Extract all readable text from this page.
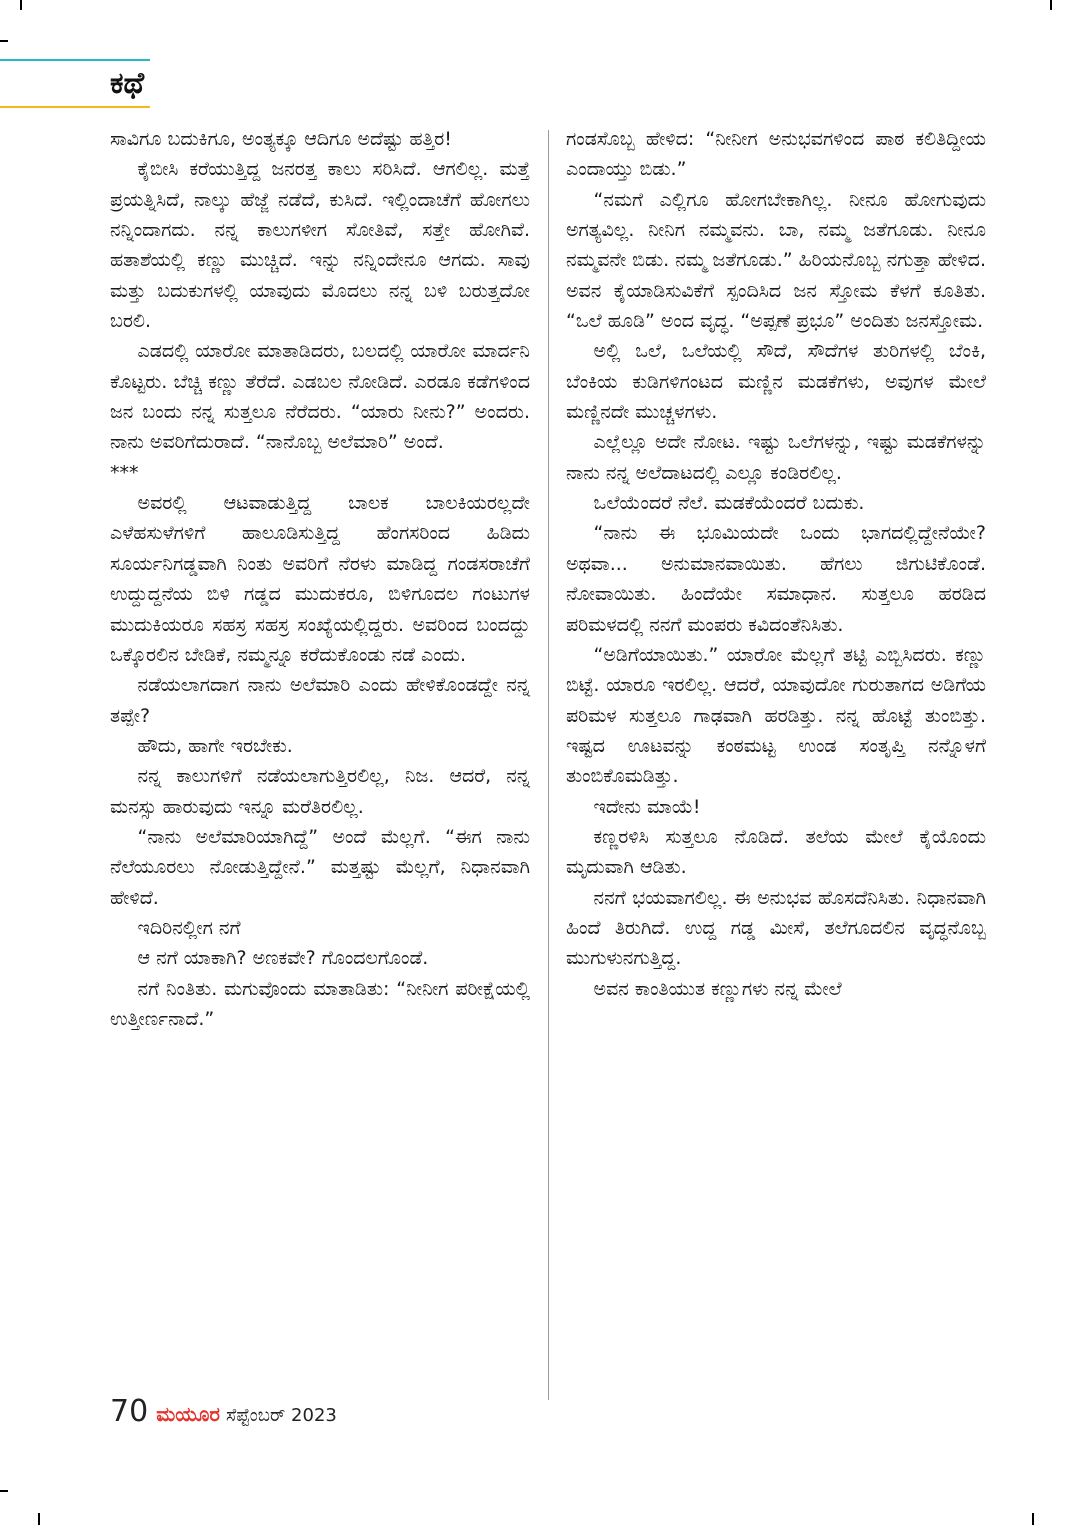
ಕಥೆ

ಸಾವಿಗೂ ಬದುಕಿಗೂ, ಅಂತ್ಯಕ್ಕೂ ಆದಿಗೂ ಅದೆಷ್ಟು ಹತ್ತಿರ!

ಕೈಬೀಸಿ ಕರೆಯುತ್ತಿದ್ದ ಜನರತ್ತ ಕಾಲು ಸರಿಸಿದೆ. ಆಗಲಿಲ್ಲ. ಮತ್ತೆ ಪ್ರಯತ್ನಿಸಿದೆ, ನಾಲ್ಕು ಹೆಜ್ಜೆ ನಡೆದೆ, ಕುಸಿದೆ. ಇಲ್ಲಿಂದಾಚೆಗೆ ಹೋಗಲು ನನ್ನಿಂದಾಗದು. ನನ್ನ ಕಾಲುಗಳೀಗ ಸೋತಿವೆ, ಸತ್ತೇ ಹೋಗಿವೆ. ಹತಾಶೆಯಲ್ಲಿ ಕಣ್ಣು ಮುಚ್ಚಿದೆ. ಇನ್ನು ನನ್ನಿಂದೇನೂ ಆಗದು. ಸಾವು ಮತ್ತು ಬದುಕುಗಳಲ್ಲಿ ಯಾವುದು ಮೊದಲು ನನ್ನ ಬಳಿ ಬರುತ್ತದೋ ಬರಲಿ.

ಎಡದಲ್ಲಿ ಯಾರೋ ಮಾತಾಡಿದರು, ಬಲದಲ್ಲಿ ಯಾರೋ ಮಾರ್ದನಿ ಕೊಟ್ಟರು. ಬೆಚ್ಚಿ ಕಣ್ಣು ತೆರೆದೆ. ಎಡಬಲ ನೋಡಿದೆ. ಎರಡೂ ಕಡೆಗಳಿಂದ ಜನ ಬಂದು ನನ್ನ ಸುತ್ತಲೂ ನೆರೆದರು. “ಯಾರು ನೀನು?” ಅಂದರು. ನಾನು ಅವರಿಗೆದುರಾದೆ. “ನಾನೊಬ್ಬ ಅಲೆಮಾರಿ” ಅಂದೆ.

***

ಅವರಲ್ಲಿ ಆಟವಾಡುತ್ತಿದ್ದ ಬಾಲಕ ಬಾಲಕಿಯರಲ್ಲದೇ ಎಳೆಹಸುಳೆಗಳಿಗೆ ಹಾಲೂಡಿಸುತ್ತಿದ್ದ ಹೆಂಗಸರಿಂದ ಹಿಡಿದು ಸೂರ್ಯನಿಗಡ್ಡವಾಗಿ ನಿಂತು ಅವರಿಗೆ ನೆರಳು ಮಾಡಿದ್ದ ಗಂಡಸರಾಚೆಗೆ ಉದ್ದುದ್ದನೆಯ ಬಿಳಿ ಗಡ್ಡದ ಮುದುಕರೂ, ಬಿಳಿಗೂದಲ ಗಂಟುಗಳ ಮುದುಕಿಯರೂ ಸಹಸ್ರ ಸಹಸ್ರ ಸಂಖ್ಯೆಯಲ್ಲಿದ್ದರು. ಅವರಿಂದ ಬಂದದ್ದು ಒಕ್ಕೊರಲಿನ ಬೇಡಿಕೆ, ನಮ್ಮನ್ನೂ ಕರೆದುಕೊಂಡು ನಡೆ ಎಂದು.

ನಡೆಯಲಾಗದಾಗ ನಾನು ಅಲೆಮಾರಿ ಎಂದು ಹೇಳಿಕೊಂಡದ್ದೇ ನನ್ನ ತಪ್ಪೇ?

ಹೌದು, ಹಾಗೇ ಇರಬೇಕು.

ನನ್ನ ಕಾಲುಗಳಿಗೆ ನಡೆಯಲಾಗುತ್ತಿರಲಿಲ್ಲ, ನಿಜ. ಆದರೆ, ನನ್ನ ಮನಸ್ಸು ಹಾರುವುದು ಇನ್ನೂ ಮರೆತಿರಲಿಲ್ಲ.

“ನಾನು ಅಲೆಮಾರಿಯಾಗಿದ್ದೆ” ಅಂದೆ ಮೆಲ್ಲಗೆ. “ಈಗ ನಾನು ನೆಲೆಯೂರಲು ನೋಡುತ್ತಿದ್ದೇನೆ.” ಮತ್ತಷ್ಟು ಮೆಲ್ಲಗೆ, ನಿಧಾನವಾಗಿ ಹೇಳಿದೆ.

ಇದಿರಿನಲ್ಲೀಗ ನಗೆ

ಆ ನಗೆ ಯಾಕಾಗಿ? ಅಣಕವೇ? ಗೊಂದಲಗೊಂಡೆ.

ನಗೆ ನಿಂತಿತು. ಮಗುವೊಂದು ಮಾತಾಡಿತು: “ನೀನೀಗ ಪರೀಕ್ಷೆಯಲ್ಲಿ ಉತ್ತೀರ್ಣನಾದೆ.”

ಗಂಡಸೊಬ್ಬ ಹೇಳಿದ: “ನೀನೀಗ ಅನುಭವಗಳಿಂದ ಪಾಠ ಕಲಿತಿದ್ದೀಯ ಎಂದಾಯ್ತು ಬಿಡು.”

“ನಮಗೆ ಎಲ್ಲಿಗೂ ಹೋಗಬೇಕಾಗಿಲ್ಲ. ನೀನೂ ಹೋಗುವುದು ಅಗತ್ಯವಿಲ್ಲ. ನೀನಿಗ ನಮ್ಮವನು. ಬಾ, ನಮ್ಮ ಜತೆಗೂಡು. ನೀನೂ ನಮ್ಮವನೇ ಬಿಡು. ನಮ್ಮ ಜತೆಗೂಡು.” ಹಿರಿಯನೊಬ್ಬ ನಗುತ್ತಾ ಹೇಳಿದ. ಅವನ ಕೈಯಾಡಿಸುವಿಕೆಗೆ ಸ್ಪಂದಿಸಿದ ಜನ ಸ್ತೋಮ ಕೆಳಗೆ ಕೂತಿತು. “ಒಲೆ ಹೂಡಿ” ಅಂದ ವೃದ್ಧ. “ಅಪ್ಪಣೆ ಪ್ರಭೂ” ಅಂದಿತು ಜನಸ್ತೋಮ.

ಅಲ್ಲಿ ಒಲೆ, ಒಲೆಯಲ್ಲಿ ಸೌದೆ, ಸೌದೆಗಳ ತುರಿಗಳಲ್ಲಿ ಬೆಂಕಿ, ಬೆಂಕಿಯ ಕುಡಿಗಳಿಗಂಟದ ಮಣ್ಣಿನ ಮಡಕೆಗಳು, ಅವುಗಳ ಮೇಲೆ ಮಣ್ಣಿನದೇ ಮುಚ್ಚಳಗಳು.

ಎಲ್ಲೆಲ್ಲೂ ಅದೇ ನೋಟ. ಇಷ್ಟು ಒಲೆಗಳನ್ನು, ಇಷ್ಟು ಮಡಕೆಗಳನ್ನು ನಾನು ನನ್ನ ಅಲೆದಾಟದಲ್ಲಿ ಎಲ್ಲೂ ಕಂಡಿರಲಿಲ್ಲ.

ಒಲೆಯೆಂದರೆ ನೆಲೆ. ಮಡಕೆಯೆಂದರೆ ಬದುಕು.

“ನಾನು ಈ ಭೂಮಿಯದೇ ಒಂದು ಭಾಗದಲ್ಲಿದ್ದೇನೆಯೇ? ಅಥವಾ... ಅನುಮಾನವಾಯಿತು. ಹೆಗಲು ಜಿಗುಟಿಕೊಂಡೆ. ನೋವಾಯಿತು. ಹಿಂದೆಯೇ ಸಮಾಧಾನ. ಸುತ್ತಲೂ ಹರಡಿದ ಪರಿಮಳದಲ್ಲಿ ನನಗೆ ಮಂಪರು ಕವಿದಂತೆನಿಸಿತು.

“ಅಡಿಗೆಯಾಯಿತು.” ಯಾರೋ ಮೆಲ್ಲಗೆ ತಟ್ಟಿ ಎಬ್ಬಿಸಿದರು. ಕಣ್ಣು ಬಿಟ್ಟೆ. ಯಾರೂ ಇರಲಿಲ್ಲ. ಆದರೆ, ಯಾವುದೋ ಗುರುತಾಗದ ಅಡಿಗೆಯ ಪರಿಮಳ ಸುತ್ತಲೂ ಗಾಢವಾಗಿ ಹರಡಿತ್ತು. ನನ್ನ ಹೊಟ್ಟೆ ತುಂಬಿತ್ತು. ಇಷ್ಟದ ಊಟವನ್ನು ಕಂಠಮಟ್ಟ ಉಂಡ ಸಂತೃಪ್ತಿ ನನ್ನೊಳಗೆ ತುಂಬಿಕೊಮಡಿತ್ತು.

ಇದೇನು ಮಾಯೆ!

ಕಣ್ಣರಳಿಸಿ ಸುತ್ತಲೂ ನೊಡಿದೆ. ತಲೆಯ ಮೇಲೆ ಕೈಯೊಂದು ಮೃದುವಾಗಿ ಆಡಿತು.

ನನಗೆ ಭಯವಾಗಲಿಲ್ಲ. ಈ ಅನುಭವ ಹೊಸದೆನಿಸಿತು. ನಿಧಾನವಾಗಿ ಹಿಂದೆ ತಿರುಗಿದೆ. ಉದ್ದ ಗಡ್ಡ ಮೀಸೆ, ತಲೆಗೂದಲಿನ ವೃದ್ಧನೊಬ್ಬ ಮುಗುಳುನಗುತ್ತಿದ್ದ.

ಅವನ ಕಾಂತಿಯುತ ಕಣ್ಣುಗಳು ನನ್ನ ಮೇಲೆ

70 ಮಯೂರ ಸೆಪ್ಟೆಂಬರ್ 2023
